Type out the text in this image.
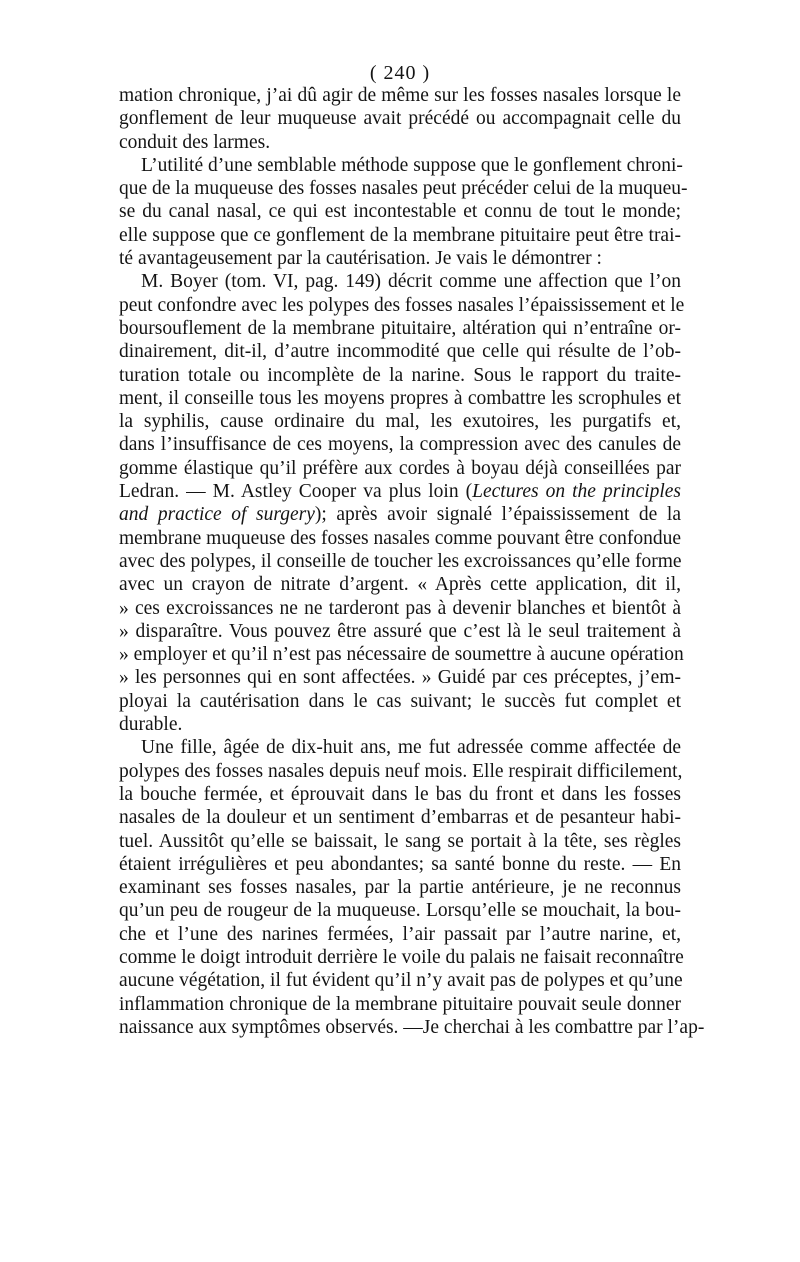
( 240 )
mation chronique, j’ai dû agir de même sur les fosses nasales lorsque le
gonflement de leur muqueuse avait précédé ou accompagnait celle du
conduit des larmes.
L’utilité d’une semblable méthode suppose que le gonflement chroni-
que de la muqueuse des fosses nasales peut précéder celui de la muqueu-
se du canal nasal, ce qui est incontestable et connu de tout le monde;
elle suppose que ce gonflement de la membrane pituitaire peut être trai-
té avantageusement par la cautérisation. Je vais le démontrer :
M. Boyer (tom. VI, pag. 149) décrit comme une affection que l’on
peut confondre avec les polypes des fosses nasales l’épaississement et le
boursouflement de la membrane pituitaire, altération qui n’entraîne or-
dinairement, dit-il, d’autre incommodité que celle qui résulte de l’ob-
turation totale ou incomplète de la narine. Sous le rapport du traite-
ment, il conseille tous les moyens propres à combattre les scrophules et
la syphilis, cause ordinaire du mal, les exutoires, les purgatifs et,
dans l’insuffisance de ces moyens, la compression avec des canules de
gomme élastique qu’il préfère aux cordes à boyau déjà conseillées par
Ledran. — M. Astley Cooper va plus loin (Lectures on the principles
and practice of surgery); après avoir signalé l’épaississement de la
membrane muqueuse des fosses nasales comme pouvant être confondue
avec des polypes, il conseille de toucher les excroissances qu’elle forme
avec un crayon de nitrate d’argent. « Après cette application, dit il,
» ces excroissances ne ne tarderont pas à devenir blanches et bientôt à
» disparaître. Vous pouvez être assuré que c’est là le seul traitement à
» employer et qu’il n’est pas nécessaire de soumettre à aucune opération
» les personnes qui en sont affectées. » Guidé par ces préceptes, j’em-
ployai la cautérisation dans le cas suivant; le succès fut complet et
durable.
Une fille, âgée de dix-huit ans, me fut adressée comme affectée de
polypes des fosses nasales depuis neuf mois. Elle respirait difficilement,
la bouche fermée, et éprouvait dans le bas du front et dans les fosses
nasales de la douleur et un sentiment d’embarras et de pesanteur habi-
tuel. Aussitôt qu’elle se baissait, le sang se portait à la tête, ses règles
étaient irrégulières et peu abondantes; sa santé bonne du reste. — En
examinant ses fosses nasales, par la partie antérieure, je ne reconnus
qu’un peu de rougeur de la muqueuse. Lorsqu’elle se mouchait, la bou-
che et l’une des narines fermées, l’air passait par l’autre narine, et,
comme le doigt introduit derrière le voile du palais ne faisait reconnaître
aucune végétation, il fut évident qu’il n’y avait pas de polypes et qu’une
inflammation chronique de la membrane pituitaire pouvait seule donner
naissance aux symptômes observés. —Je cherchai à les combattre par l’ap-
